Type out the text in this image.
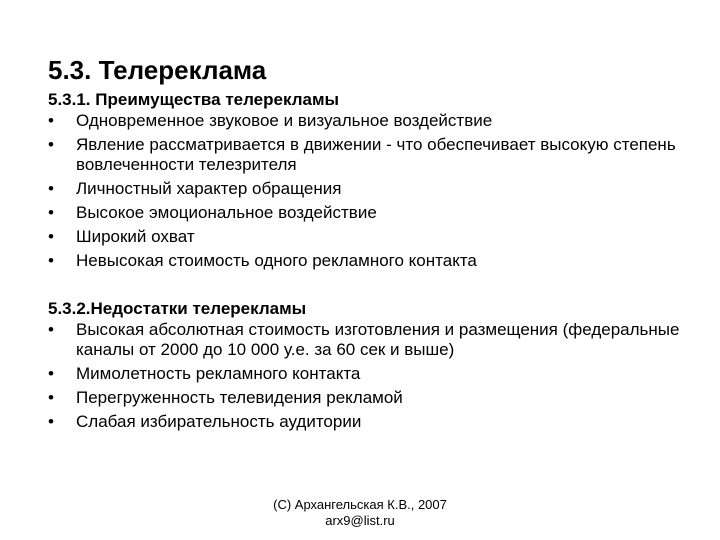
5.3. Телереклама
5.3.1. Преимущества телерекламы
•	Одновременное звуковое и визуальное воздействие
•	Явление рассматривается в движении - что обеспечивает высокую степень вовлеченности телезрителя
•	Личностный характер обращения
•	Высокое эмоциональное воздействие
•	Широкий охват
•	Невысокая стоимость одного рекламного контакта
5.3.2.Недостатки телерекламы
•	Высокая абсолютная стоимость изготовления и размещения (федеральные каналы от 2000 до 10 000 у.е. за 60 сек и выше)
•	Мимолетность рекламного контакта
•	Перегруженность телевидения рекламой
•	Слабая избирательность аудитории
(С) Архангельская К.В., 2007
arx9@list.ru
